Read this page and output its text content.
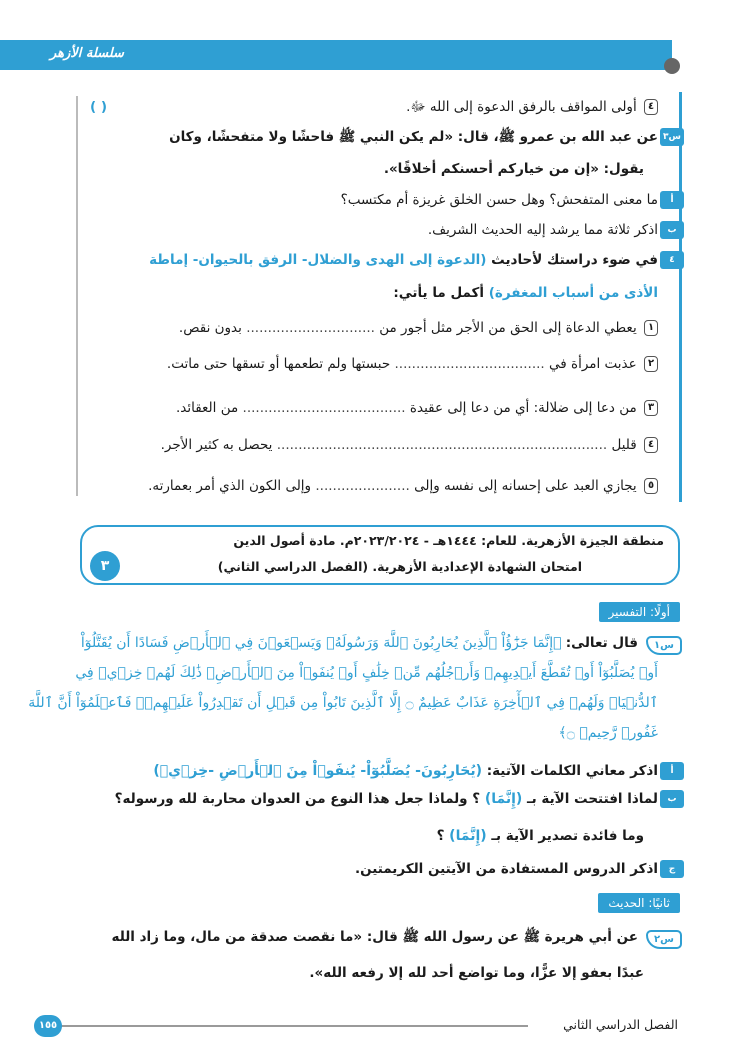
سلسلة الأزهر
٤ أولى المواقف بالرفق الدعوة إلى الله ﷻ.
( )
س٣
عن عبد الله بن عمرو ﷺ، قال: «لم يكن النبي ﷺ فاحشًا ولا متفحشًا، وكان
يقول: «إن من خياركم أحسنكم أخلاقًا».
أ
ما معنى المتفحش؟ وهل حسن الخلق غريزة أم مكتسب؟
ب
اذكر ثلاثة مما يرشد إليه الحديث الشريف.
٤
في ضوء دراستك لأحاديث (الدعوة إلى الهدى والضلال- الرفق بالحيوان- إماطة
الأذى من أسباب المغفرة) أكمل ما يأتي:
١ يعطي الدعاة إلى الحق من الأجر مثل أجور من .............................. بدون نقص.
٢ عذبت امرأة في ................................... حبستها ولم تطعمها أو تسقها حتى ماتت.
٣ من دعا إلى ضلالة: أي من دعا إلى عقيدة ...................................... من العقائد.
٤ قليل ............................................................................. يحصل به كثير الأجر.
٥ يجازي العبد على إحسانه إلى نفسه وإلى ...................... وإلى الكون الذي أمر بعمارته.
منطقة الجيزة الأزهرية. للعام: ١٤٤٤هـ - ٢٠٢٣/٢٠٢٤م. مادة أصول الدين
امتحان الشهادة الإعدادية الأزهرية. (الفصل الدراسي الثاني)
٣
أولًا: التفسير
س١
قال تعالى: ﴿إِنَّمَا جَزَٰٓؤُاْ ٱلَّذِينَ يُحَارِبُونَ ٱللَّهَ وَرَسُولَهُۥ وَيَسۡعَوۡنَ فِي ٱلۡأَرۡضِ فَسَادًا أَن يُقَتَّلُوٓاْ
أَوۡ يُصَلَّبُوٓاْ أَوۡ تُقَطَّعَ أَيۡدِيهِمۡ وَأَرۡجُلُهُم مِّنۡ خِلَٰفٍ أَوۡ يُنفَوۡاْ مِنَ ٱلۡأَرۡضِۚ ذَٰلِكَ لَهُمۡ خِزۡيٞ فِي
ٱلدُّنۡيَاۖ وَلَهُمۡ فِي ٱلۡأٓخِرَةِ عَذَابٌ عَظِيمٌ ۝ إِلَّا ٱلَّذِينَ تَابُواْ مِن قَبۡلِ أَن تَقۡدِرُواْ عَلَيۡهِمۡۖ فَٱعۡلَمُوٓاْ أَنَّ ٱللَّهَ
غَفُورٞ رَّحِيمٞ ۝﴾
أ
اذكر معاني الكلمات الآتية: (يُحَارِبُونَ- يُصَلَّبُوٓاْ- يُنفَوۡاْ مِنَ ٱلۡأَرۡضِ -خِزۡيٞ)
ب
لماذا افتتحت الآية بـ (إِنَّمَا) ؟ ولماذا جعل هذا النوع من العدوان محاربة لله ورسوله؟
وما فائدة تصدير الآية بـ (إِنَّمَا) ؟
ج
اذكر الدروس المستفادة من الآيتين الكريمتين.
ثانيًا: الحديث
س٢
عن أبي هريرة ﷺ عن رسول الله ﷺ قال: «ما نقصت صدقة من مال، وما زاد الله
عبدًا بعفو إلا عزًّا، وما تواضع أحد لله إلا رفعه الله».
١٥٥	الفصل الدراسي الثاني
